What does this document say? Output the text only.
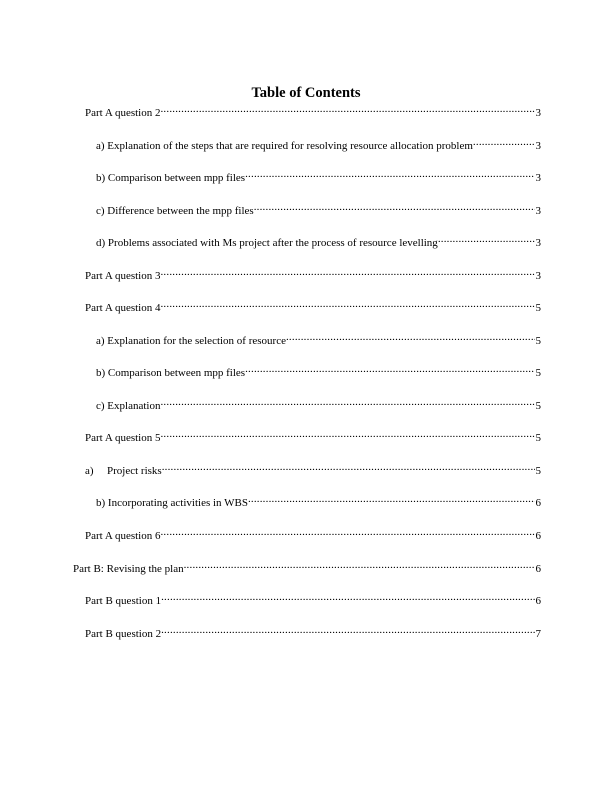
Table of Contents
Part A question 2 .....	3
a) Explanation of the steps that are required for resolving resource allocation problem .....	3
b) Comparison between mpp files .....	3
c) Difference between the mpp files .....	3
d) Problems associated with Ms project after the process of resource levelling .....	3
Part A question 3 .....	3
Part A question 4 .....	5
a) Explanation for the selection of resource .....	5
b) Comparison between mpp files .....	5
c) Explanation .....	5
Part A question 5 .....	5
a)	Project risks .....	5
b) Incorporating activities in WBS .....	6
Part A question 6 .....	6
Part B: Revising the plan .....	6
Part B question 1 .....	6
Part B question 2 .....	7
